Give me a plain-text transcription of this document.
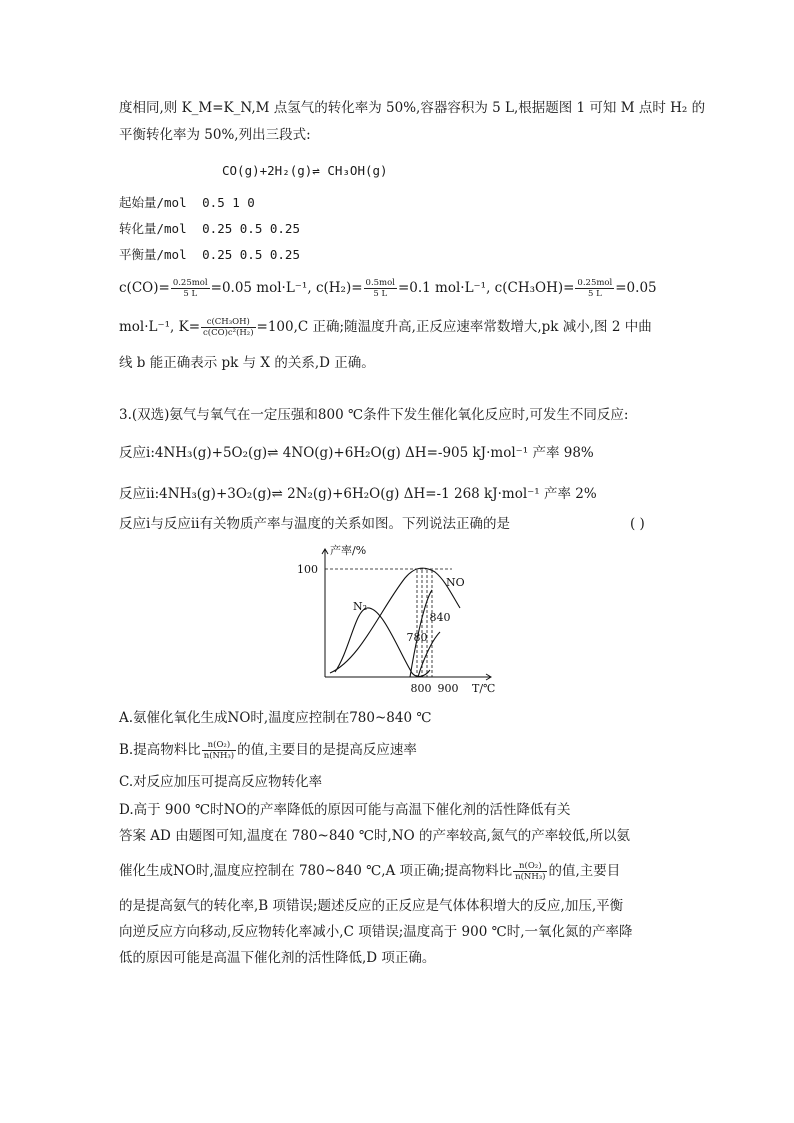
度相同,则 K_M=K_N,M 点氢气的转化率为 50%,容器容积为 5 L,根据题图 1 可知 M 点时 H₂ 的
平衡转化率为 50%,列出三段式:
CO(g)+2H₂(g)⇌ CH₃OH(g)
起始量/mol 0.5 1 0
转化量/mol 0.25 0.5 0.25
平衡量/mol 0.25 0.5 0.25
$c(CO)= \frac{\text{0.25mol}}{5 L} =0.05$ mol·L⁻¹, $c(H_2)= \frac{\text{0.5mol}}{5 L} =0.1$ mol·L⁻¹, $c(CH_3OH)= \frac{\text{0.25mol}}{5 L} =0.05$
mol·L⁻¹, $K= \frac{\text{c(CH₃OH)}}{\text{c(CO)c²(H₂)}} =100,C$ 正确;随温度升高,正反应速率常数增大,pk 减小,图 2 中曲
线 b 能正确表示 pk 与 X 的关系,D 正确。
3.(双选)氨气与氧气在一定压强和800 ℃条件下发生催化氧化反应时,可发生不同反应:
反应ⅰ:4NH₃(g)+5O₂(g)⇌ 4NO(g)+6H₂O(g) ΔH=-905 kJ·mol⁻¹ 产率 98%
反应ⅱ:4NH₃(g)+3O₂(g)⇌ 2N₂(g)+6H₂O(g) ΔH=-1 268 kJ·mol⁻¹ 产率 2%
反应ⅰ与反应ⅱ有关物质产率与温度的关系如图。下列说法正确的是	( )
100
产率/%
T/℃
800 900
780
840
N₂
NO
A.氨催化氧化生成NO时,温度应控制在780~840 ℃
B.提高物料比 $\frac{\text{n(O₂)}}{\text{n(NH₃)}}$ 的值,主要目的是提高反应速率
C.对反应加压可提高反应物转化率
D.高于 900 ℃时NO的产率降低的原因可能与高温下催化剂的活性降低有关
答案 AD 由题图可知,温度在 780~840 ℃时,NO 的产率较高,氮气的产率较低,所以氨
催化生成NO时,温度应控制在 780~840 ℃,A 项正确;提高物料比 $\frac{\text{n(O₂)}}{\text{n(NH₃)}}$ 的值,主要目
的是提高氨气的转化率,B 项错误;题述反应的正反应是气体体积增大的反应,加压,平衡
向逆反应方向移动,反应物转化率减小,C 项错误;温度高于 900 ℃时,一氧化氮的产率降
低的原因可能是高温下催化剂的活性降低,D 项正确。
